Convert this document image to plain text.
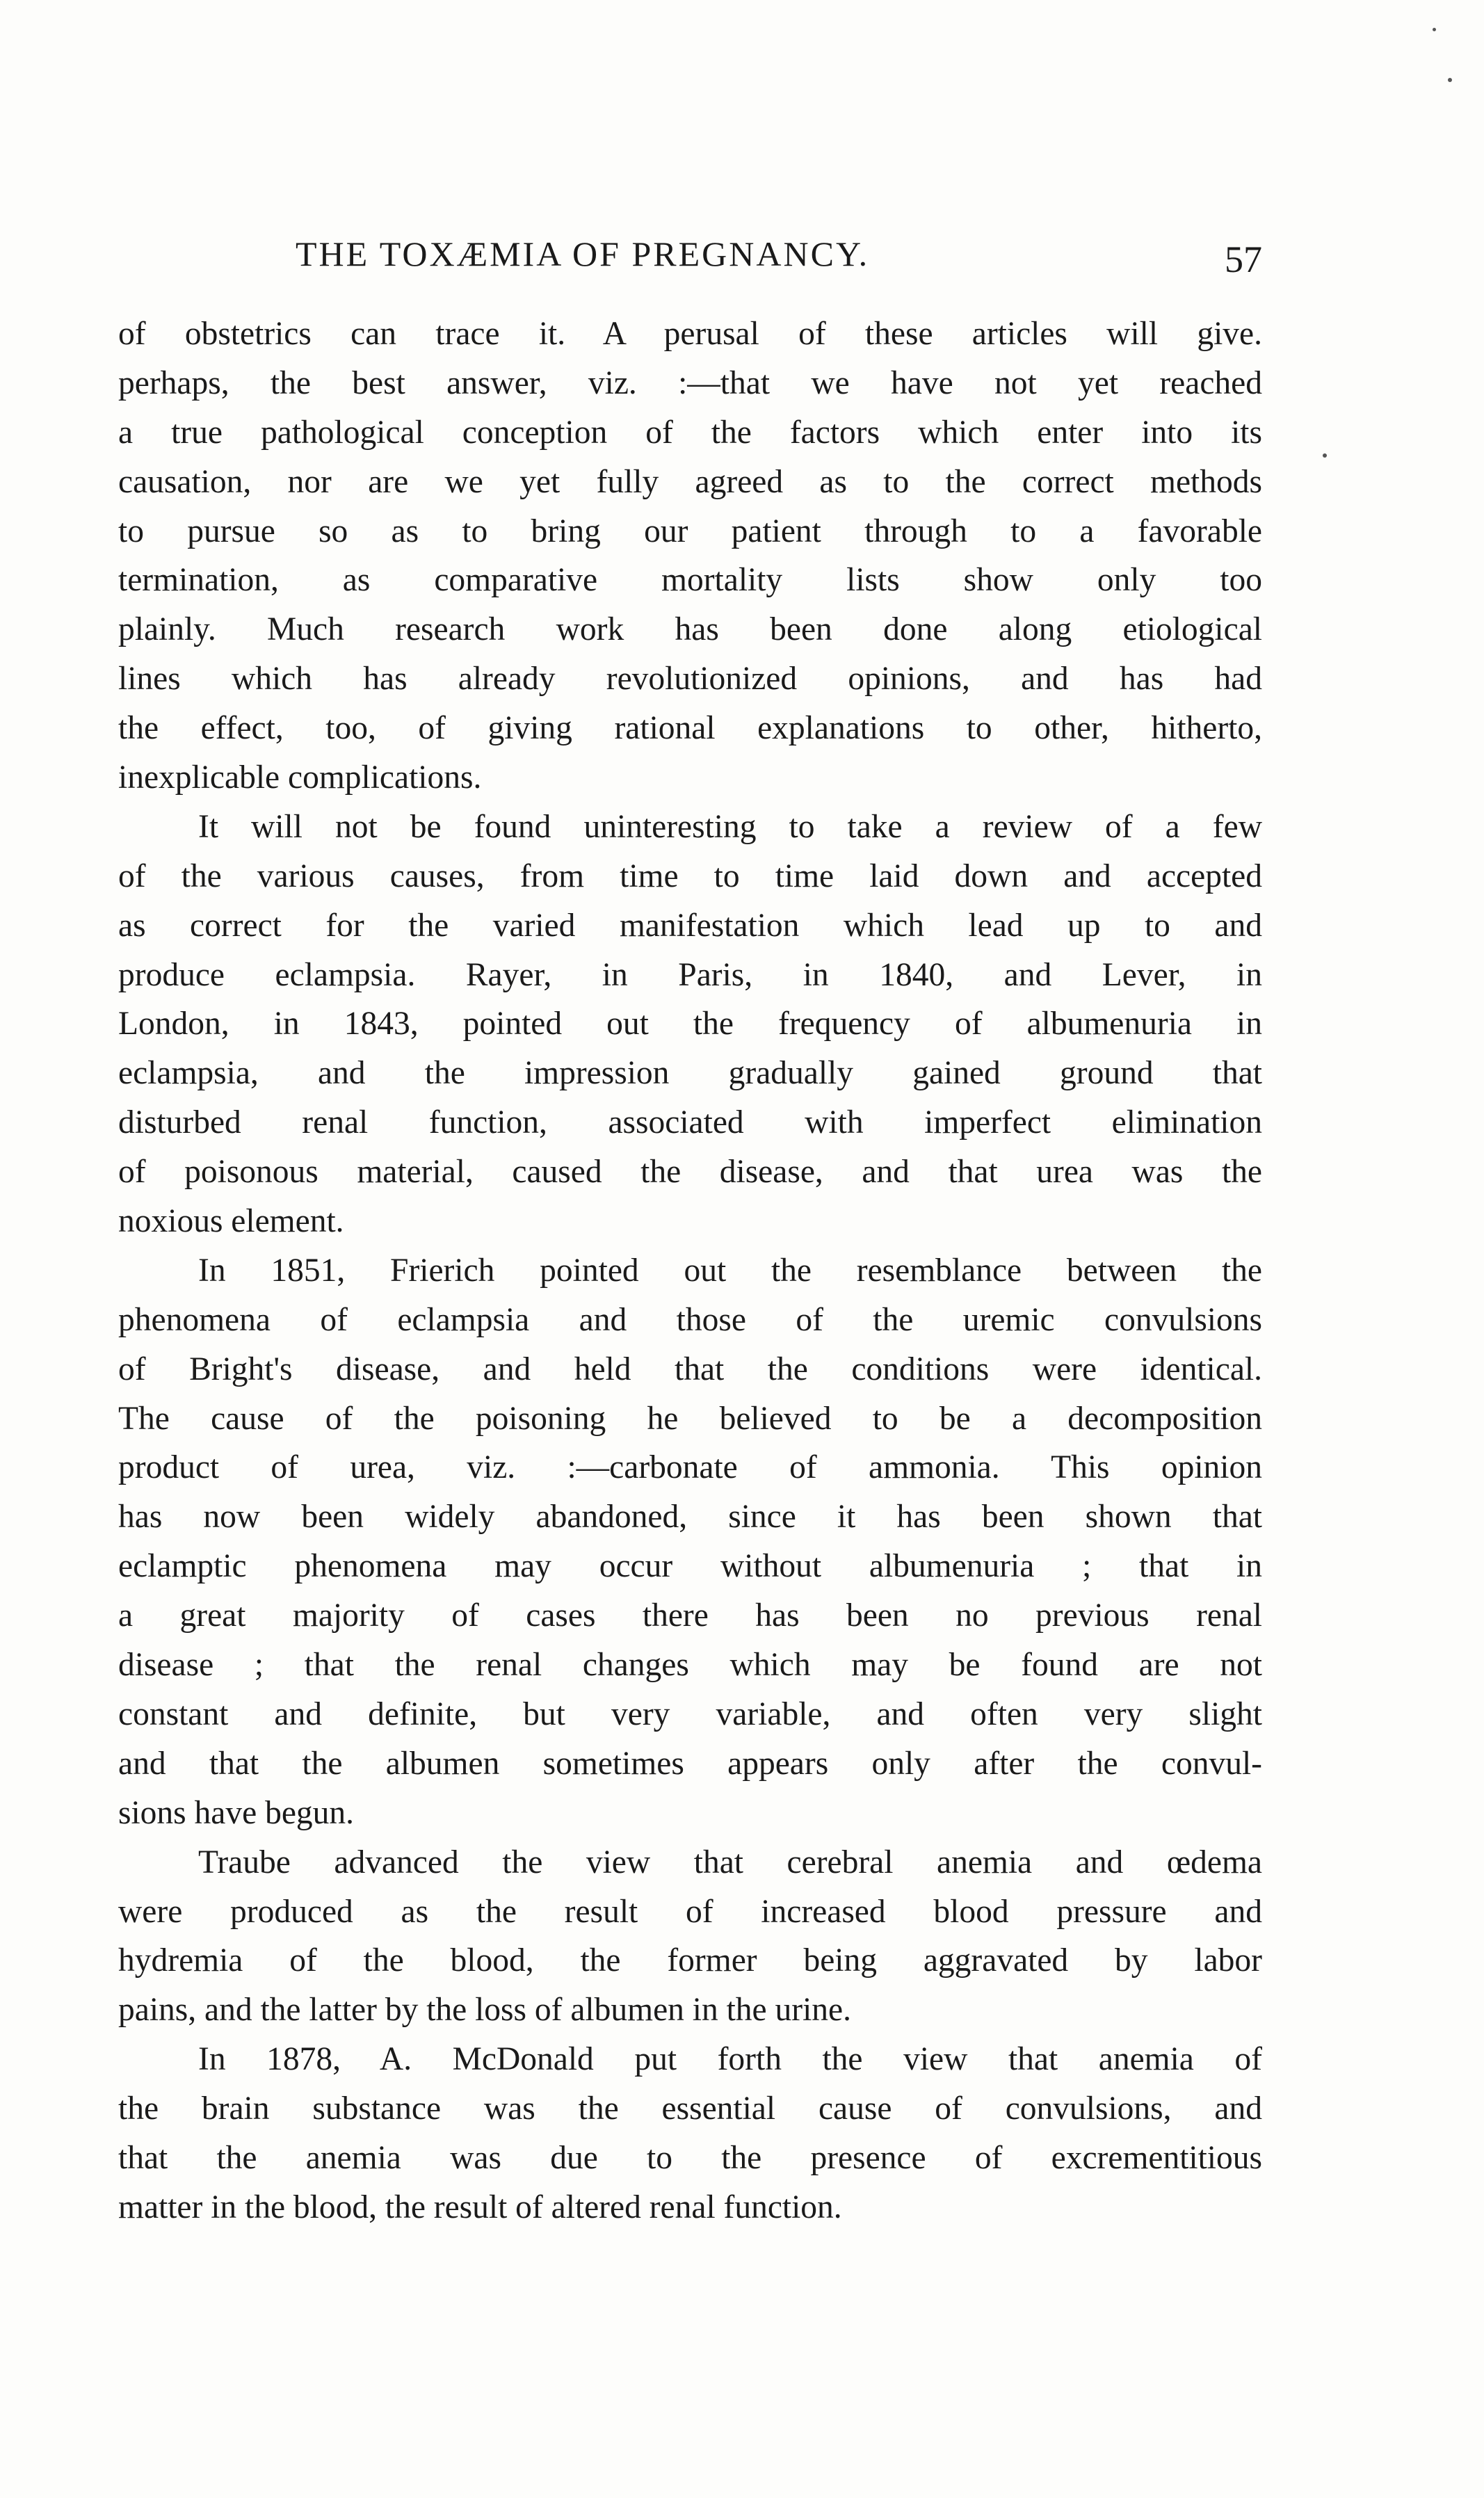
THE TOXÆMIA OF PREGNANCY.	57
of obstetrics can trace it. A perusal of these articles will give.
perhaps, the best answer, viz. :—that we have not yet reached
a true pathological conception of the factors which enter into its
causation, nor are we yet fully agreed as to the correct methods
to pursue so as to bring our patient through to a favorable
termination, as comparative mortality lists show only too
plainly. Much research work has been done along etiological
lines which has already revolutionized opinions, and has had
the effect, too, of giving rational explanations to other, hitherto,
inexplicable complications.
It will not be found uninteresting to take a review of a few
of the various causes, from time to time laid down and accepted
as correct for the varied manifestation which lead up to and
produce eclampsia. Rayer, in Paris, in 1840, and Lever, in
London, in 1843, pointed out the frequency of albumenuria in
eclampsia, and the impression gradually gained ground that
disturbed renal function, associated with imperfect elimination
of poisonous material, caused the disease, and that urea was the
noxious element.
In 1851, Frierich pointed out the resemblance between the
phenomena of eclampsia and those of the uremic convulsions
of Bright's disease, and held that the conditions were identical.
The cause of the poisoning he believed to be a decomposition
product of urea, viz. :—carbonate of ammonia. This opinion
has now been widely abandoned, since it has been shown that
eclamptic phenomena may occur without albumenuria ; that in
a great majority of cases there has been no previous renal
disease ; that the renal changes which may be found are not
constant and definite, but very variable, and often very slight
and that the albumen sometimes appears only after the convul-
sions have begun.
Traube advanced the view that cerebral anemia and œdema
were produced as the result of increased blood pressure and
hydremia of the blood, the former being aggravated by labor
pains, and the latter by the loss of albumen in the urine.
In 1878, A. McDonald put forth the view that anemia of
the brain substance was the essential cause of convulsions, and
that the anemia was due to the presence of excrementitious
matter in the blood, the result of altered renal function.
